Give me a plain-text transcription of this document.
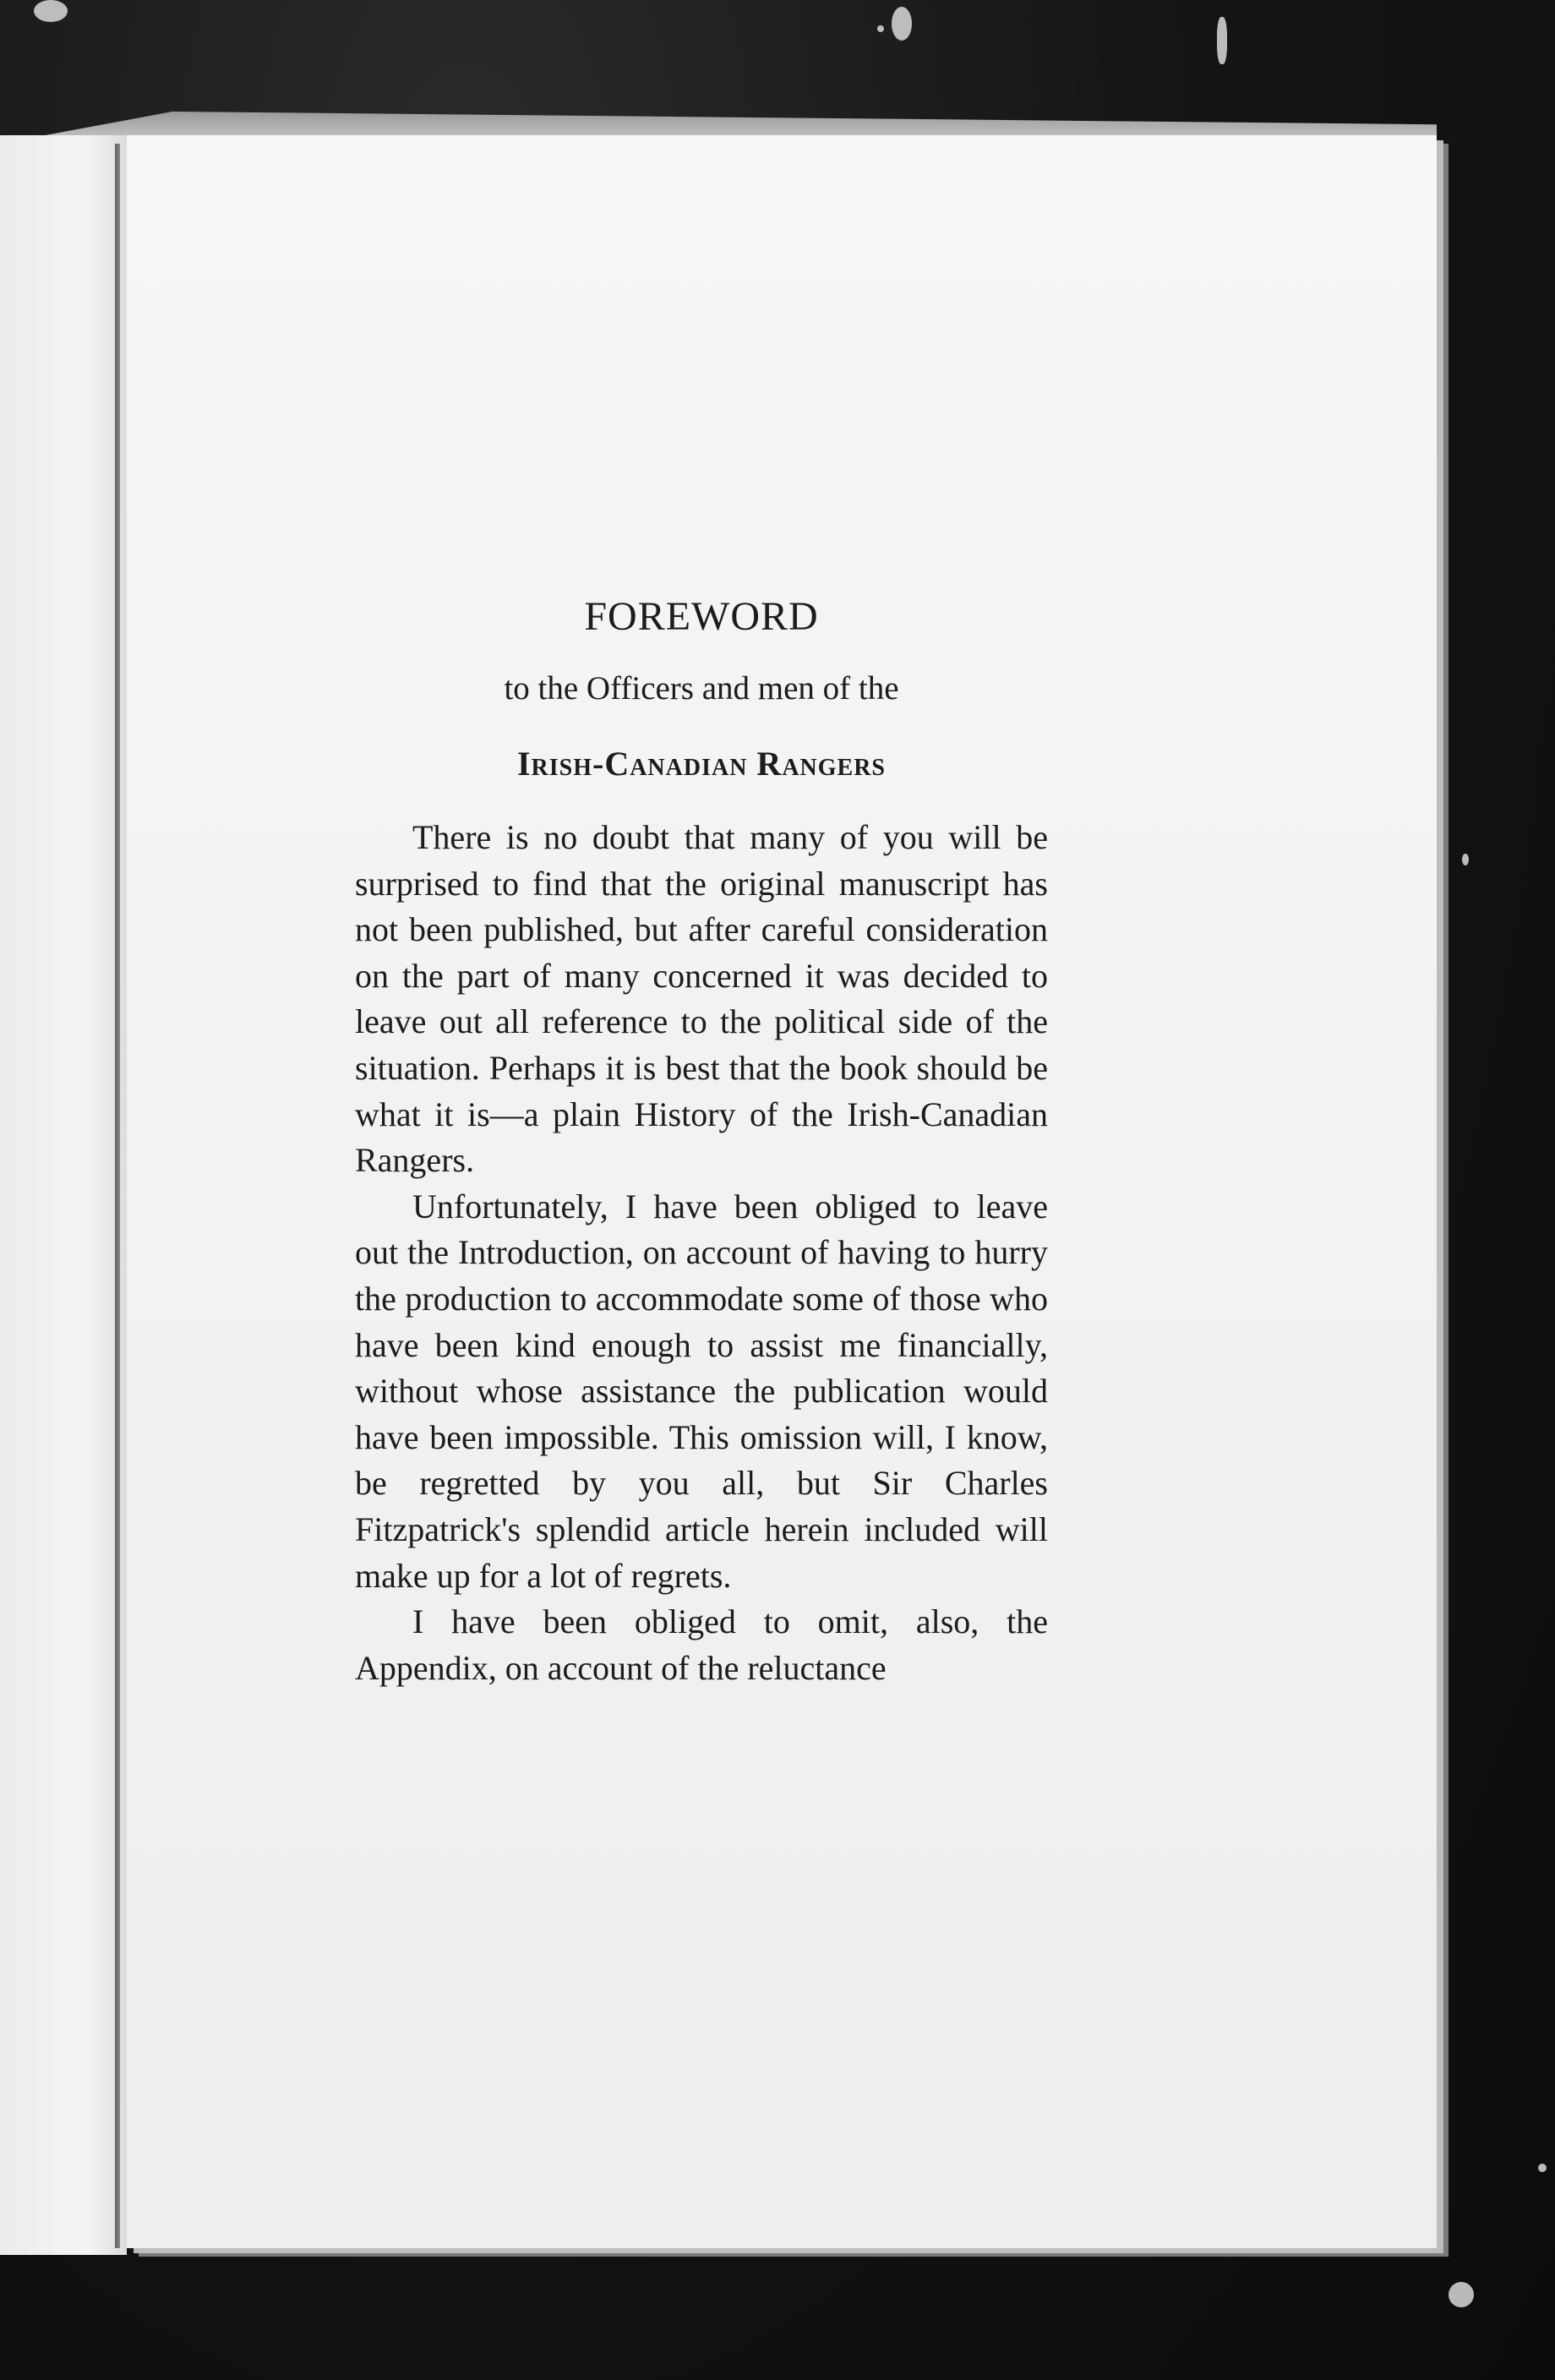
FOREWORD
to the Officers and men of the
Irish-Canadian Rangers

There is no doubt that many of you will be surprised to find that the original manuscript has not been published, but after careful consideration on the part of many concerned it was decided to leave out all reference to the political side of the situation. Perhaps it is best that the book should be what it is—a plain History of the Irish-Canadian Rangers.

Unfortunately, I have been obliged to leave out the Introduction, on account of having to hurry the production to accommodate some of those who have been kind enough to assist me financially, without whose assistance the publication would have been impossible. This omission will, I know, be regretted by you all, but Sir Charles Fitzpatrick's splendid article herein included will make up for a lot of regrets.

I have been obliged to omit, also, the Appendix, on account of the reluctance
